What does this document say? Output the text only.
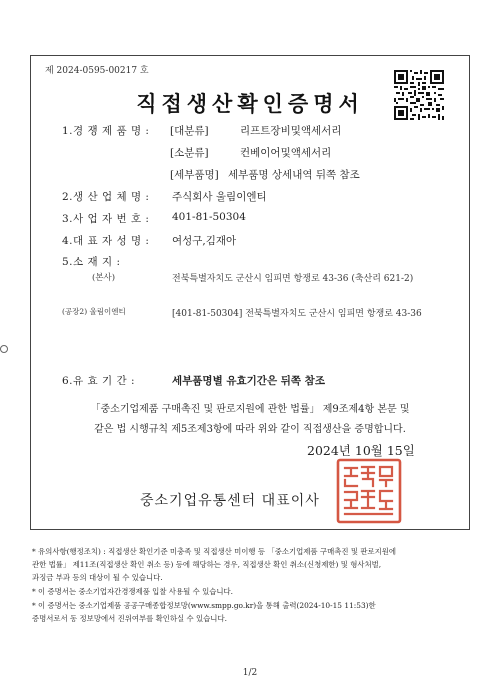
제 2024-0595-00217 호
직접생산확인증명서
1.경 쟁 제 품 명 : [대분류]	리프트장비및액세서리
[소분류]	컨베이어및액세서리
[세부품명] 세부품명 상세내역 뒤쪽 참조
2.생 산 업 체 명 : 주식회사 울림이엔티
3.사 업 자 번 호 : 401-81-50304
4.대 표 자 성 명 : 여성구,김재아
5.소 재 지 :
(본사)	전북특별자치도 군산시 임피면 항쟁로 43-36 (축산리 621-2)
(공장2) 울림이엔티	[401-81-50304] 전북특별자치도 군산시 임피면 항쟁로 43-36
6.유 효 기 간 :	세부품명별 유효기간은 뒤쪽 참조
「중소기업제품 구매촉진 및 판로지원에 관한 법률」 제9조제4항 본문 및
같은 법 시행규칙 제5조제3항에 따라 위와 같이 직접생산을 증명합니다.
2024년 10월 15일
중소기업유통센터 대표이사
* 유의사항(행정조치) : 직접생산 확인기준 미충족 및 직접생산 미이행 등 「중소기업제품 구매촉진 및 판로지원에
관한 법률」 제11조(직접생산 확인 취소 등) 등에 해당하는 경우, 직접생산 확인 취소(신청제한) 및 형사처벌,
과징금 부과 등의 대상이 될 수 있습니다.
* 이 증명서는 중소기업자간경쟁제품 입찰 사용될 수 있습니다.
* 이 증명서는 중소기업제품 공공구매종합정보망(www.smpp.go.kr)을 통해 출력(2024-10-15 11:53)한
증명서로서 동 정보망에서 진위여부를 확인하실 수 있습니다.
1/2
